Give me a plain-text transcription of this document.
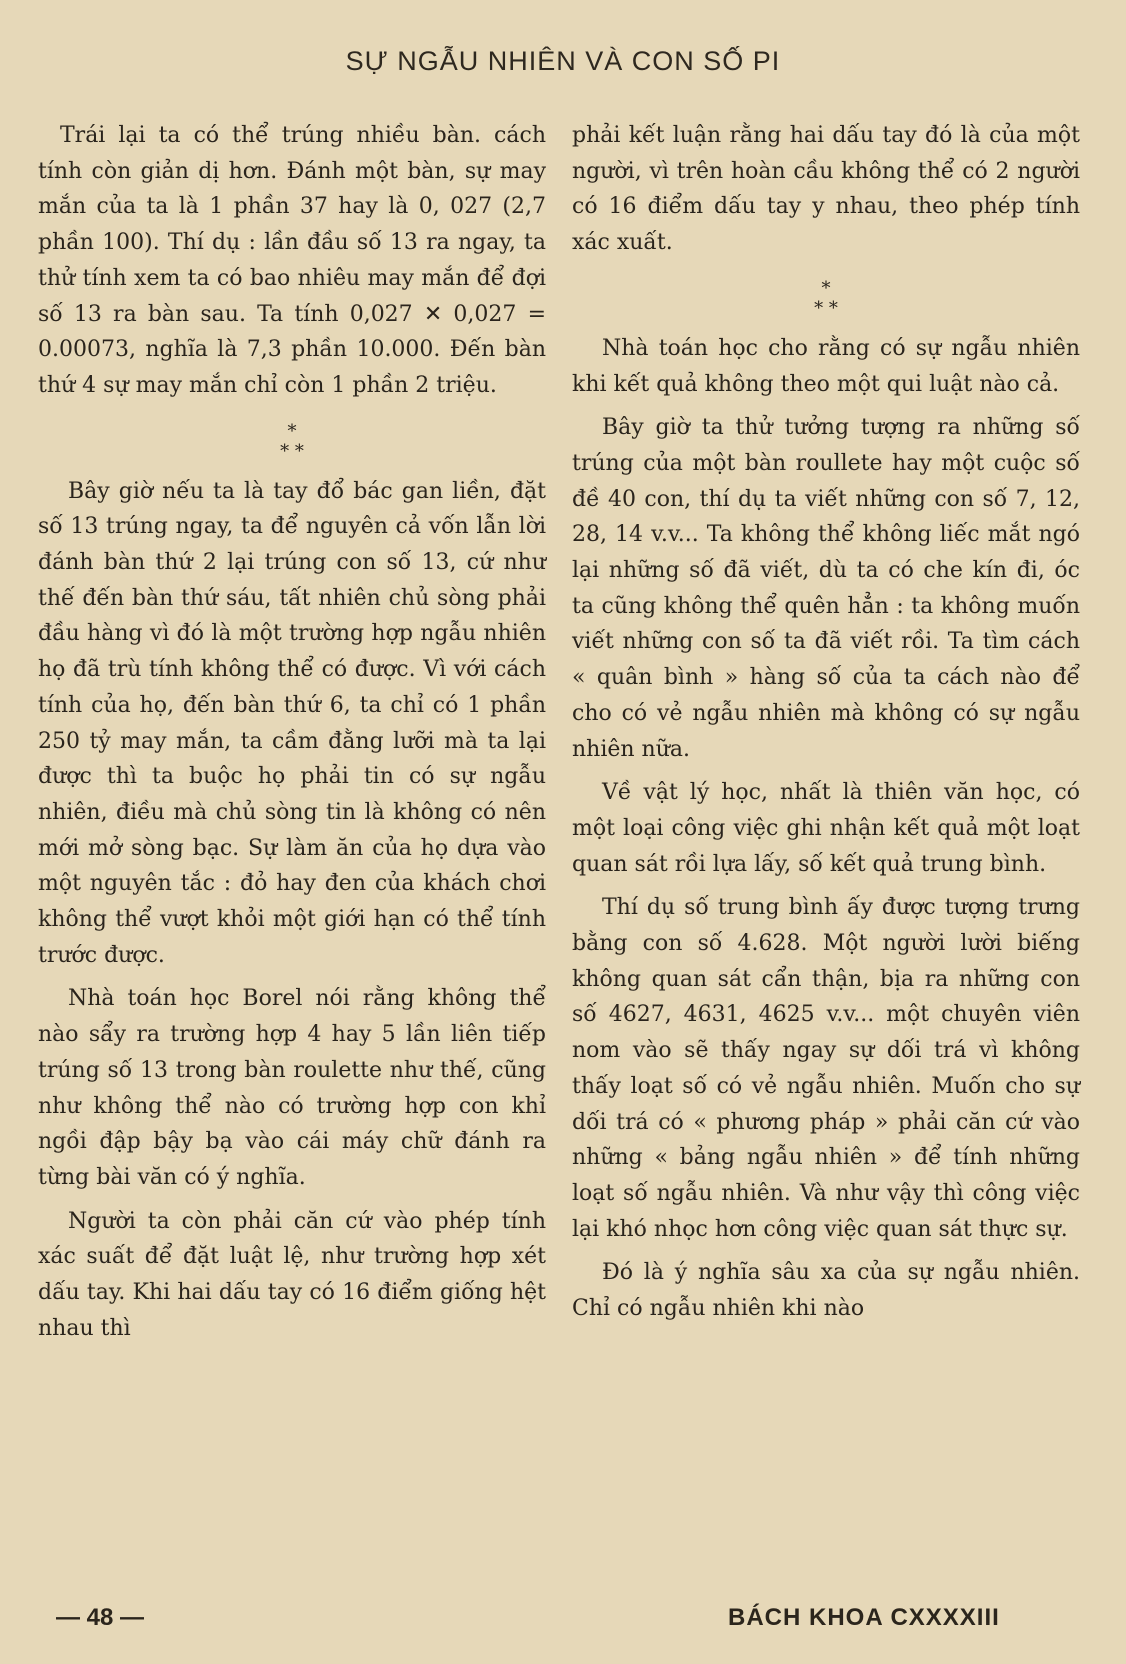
SỰ NGẪU NHIÊN VÀ CON SỐ PI

Trái lại ta có thể trúng nhiều bàn. cách tính còn giản dị hơn. Đánh một bàn, sự may mắn của ta là 1 phần 37 hay là 0, 027 (2,7 phần 100). Thí dụ : lần đầu số 13 ra ngay, ta thử tính xem ta có bao nhiêu may mắn để đợi số 13 ra bàn sau. Ta tính 0,027 ✕ 0,027 = 0.00073, nghĩa là 7,3 phần 10.000. Đến bàn thứ 4 sự may mắn chỉ còn 1 phần 2 triệu.

*
* *

Bây giờ nếu ta là tay đổ bác gan liền, đặt số 13 trúng ngay, ta để nguyên cả vốn lẫn lời đánh bàn thứ 2 lại trúng con số 13, cứ như thế đến bàn thứ sáu, tất nhiên chủ sòng phải đầu hàng vì đó là một trường hợp ngẫu nhiên họ đã trù tính không thể có được. Vì với cách tính của họ, đến bàn thứ 6, ta chỉ có 1 phần 250 tỷ may mắn, ta cầm đằng lưỡi mà ta lại được thì ta buộc họ phải tin có sự ngẫu nhiên, điều mà chủ sòng tin là không có nên mới mở sòng bạc. Sự làm ăn của họ dựa vào một nguyên tắc : đỏ hay đen của khách chơi không thể vượt khỏi một giới hạn có thể tính trước được.

Nhà toán học Borel nói rằng không thể nào sẩy ra trường hợp 4 hay 5 lần liên tiếp trúng số 13 trong bàn roulette như thế, cũng như không thể nào có trường hợp con khỉ ngồi đập bậy bạ vào cái máy chữ đánh ra từng bài văn có ý nghĩa.

Người ta còn phải căn cứ vào phép tính xác suất để đặt luật lệ, như trường hợp xét dấu tay. Khi hai dấu tay có 16 điểm giống hệt nhau thì

phải kết luận rằng hai dấu tay đó là của một người, vì trên hoàn cầu không thể có 2 người có 16 điểm dấu tay y nhau, theo phép tính xác xuất.

*
* *

Nhà toán học cho rằng có sự ngẫu nhiên khi kết quả không theo một qui luật nào cả.

Bây giờ ta thử tưởng tượng ra những số trúng của một bàn roullete hay một cuộc số đề 40 con, thí dụ ta viết những con số 7, 12, 28, 14 v.v... Ta không thể không liếc mắt ngó lại những số đã viết, dù ta có che kín đi, óc ta cũng không thể quên hẳn : ta không muốn viết những con số ta đã viết rồi. Ta tìm cách « quân bình » hàng số của ta cách nào để cho có vẻ ngẫu nhiên mà không có sự ngẫu nhiên nữa.

Về vật lý học, nhất là thiên văn học, có một loại công việc ghi nhận kết quả một loạt quan sát rồi lựa lấy, số kết quả trung bình.

Thí dụ số trung bình ấy được tượng trưng bằng con số 4.628. Một người lười biếng không quan sát cẩn thận, bịa ra những con số 4627, 4631, 4625 v.v... một chuyên viên nom vào sẽ thấy ngay sự dối trá vì không thấy loạt số có vẻ ngẫu nhiên. Muốn cho sự dối trá có « phương pháp » phải căn cứ vào những « bảng ngẫu nhiên » để tính những loạt số ngẫu nhiên. Và như vậy thì công việc lại khó nhọc hơn công việc quan sát thực sự.

Đó là ý nghĩa sâu xa của sự ngẫu nhiên. Chỉ có ngẫu nhiên khi nào

— 48 —	BÁCH KHOA CXXXXIII
